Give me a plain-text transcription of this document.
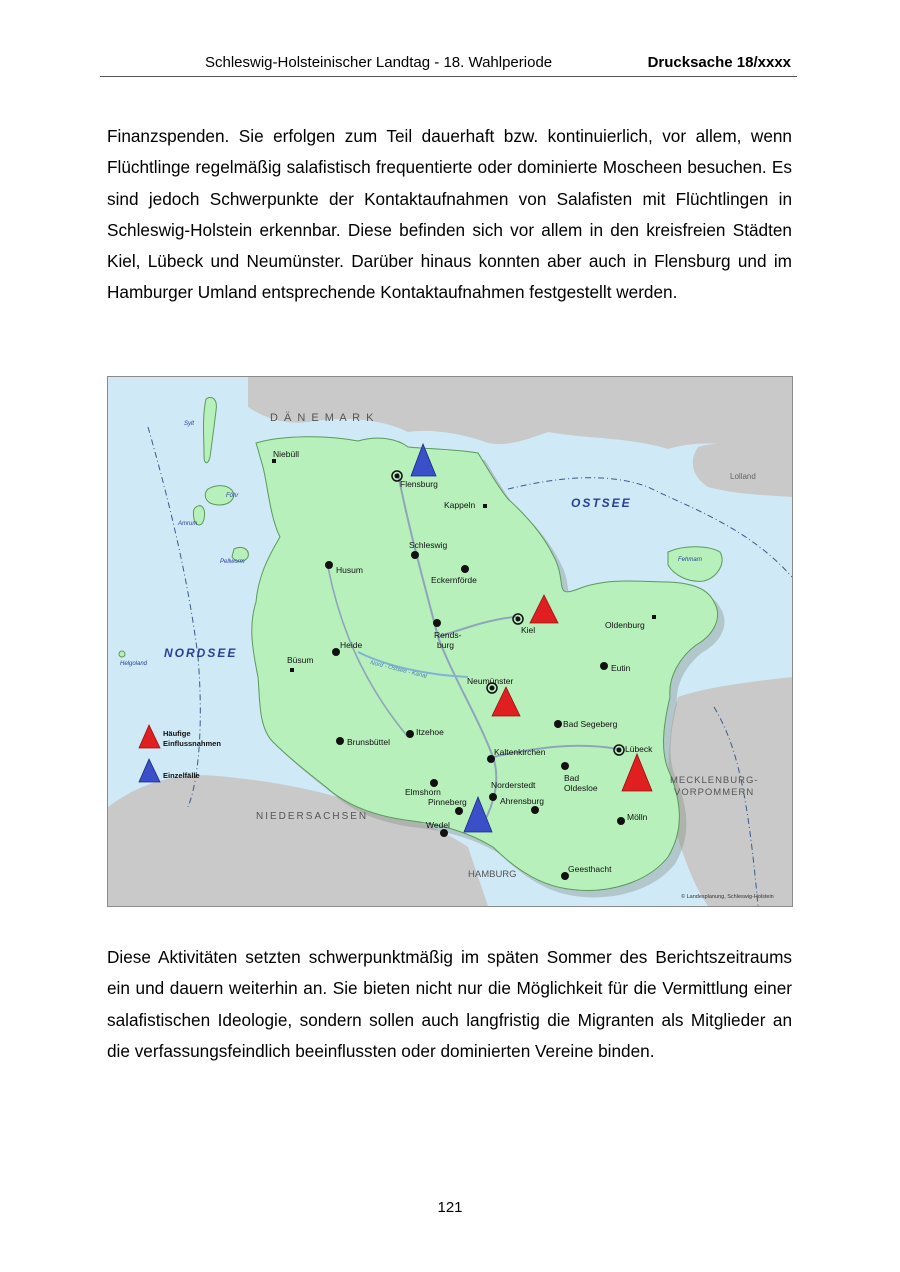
Schleswig-Holsteinischer Landtag - 18. Wahlperiode	Drucksache 18/xxxx

Finanzspenden. Sie erfolgen zum Teil dauerhaft bzw. kontinuierlich, vor allem, wenn Flüchtlinge regelmäßig salafistisch frequentierte oder dominierte Moscheen besuchen. Es sind jedoch Schwerpunkte der Kontaktaufnahmen von Salafisten mit Flüchtlingen in Schleswig-Holstein erkennbar. Diese befinden sich vor allem in den kreisfreien Städten Kiel, Lübeck und Neumünster. Darüber hinaus konnten aber auch in Flensburg und im Hamburger Umland entsprechende Kontaktaufnahmen festgestellt werden.

D Ä N E M A R K
OSTSEE
NORDSEE
Lolland
MECKLENBURG-
VORPOMMERN
NIEDERSACHSEN
HAMBURG
Nord - Ostsee - Kanal
Sylt
Föhr
Amrum
Pellworm
Helgoland
Fehmarn
Niebüll
Flensburg
Kappeln
Schleswig
Eckernförde
Husum
Kiel	Oldenburg
Rends-
burg
Heide
Büsum
Eutin
Neumünster
Bad Segeberg
Itzehoe
Brunsbüttel
Lübeck
Kaltenkirchen
Bad
Oldesloe
Elmshorn
Norderstedt
Pinneberg	Ahrensburg
Wedel
Mölln
Geesthacht
Häufige
Einflussnahmen
Einzelfälle
© Landesplanung, Schleswig-Holstein

Diese Aktivitäten setzten schwerpunktmäßig im späten Sommer des Berichtszeitraums ein und dauern weiterhin an. Sie bieten nicht nur die Möglichkeit für die Vermittlung einer salafistischen Ideologie, sondern sollen auch langfristig die Migranten als Mitglieder an die verfassungsfeindlich beeinflussten oder dominierten Vereine binden.

121
